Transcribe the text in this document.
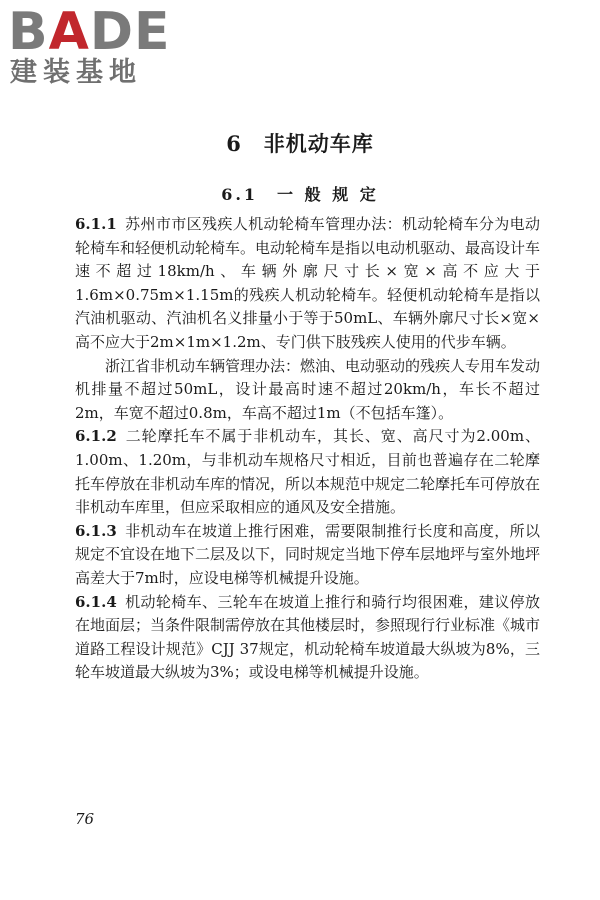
BADE
建装基地
6　非机动车库
6.1　一 般 规 定

6.1.1 苏州市市区残疾人机动轮椅车管理办法：机动轮椅车分为电动轮椅车和轻便机动轮椅车。电动轮椅车是指以电动机驱动、最高设计车速不超过18km/h、车辆外廓尺寸长×宽×高不应大于1.6m×0.75m×1.15m的残疾人机动轮椅车。轻便机动轮椅车是指以汽油机驱动、汽油机名义排量小于等于50mL、车辆外廓尺寸长×宽×高不应大于2m×1m×1.2m、专门供下肢残疾人使用的代步车辆。

浙江省非机动车辆管理办法：燃油、电动驱动的残疾人专用车发动机排量不超过50mL，设计最高时速不超过20km/h，车长不超过2m，车宽不超过0.8m，车高不超过1m（不包括车篷）。

6.1.2 二轮摩托车不属于非机动车，其长、宽、高尺寸为2.00m、1.00m、1.20m，与非机动车规格尺寸相近，目前也普遍存在二轮摩托车停放在非机动车库的情况，所以本规范中规定二轮摩托车可停放在非机动车库里，但应采取相应的通风及安全措施。

6.1.3 非机动车在坡道上推行困难，需要限制推行长度和高度，所以规定不宜设在地下二层及以下，同时规定当地下停车层地坪与室外地坪高差大于7m时，应设电梯等机械提升设施。

6.1.4 机动轮椅车、三轮车在坡道上推行和骑行均很困难，建议停放在地面层；当条件限制需停放在其他楼层时，参照现行行业标准《城市道路工程设计规范》CJJ 37规定，机动轮椅车坡道最大纵坡为8%，三轮车坡道最大纵坡为3%；或设电梯等机械提升设施。

76
